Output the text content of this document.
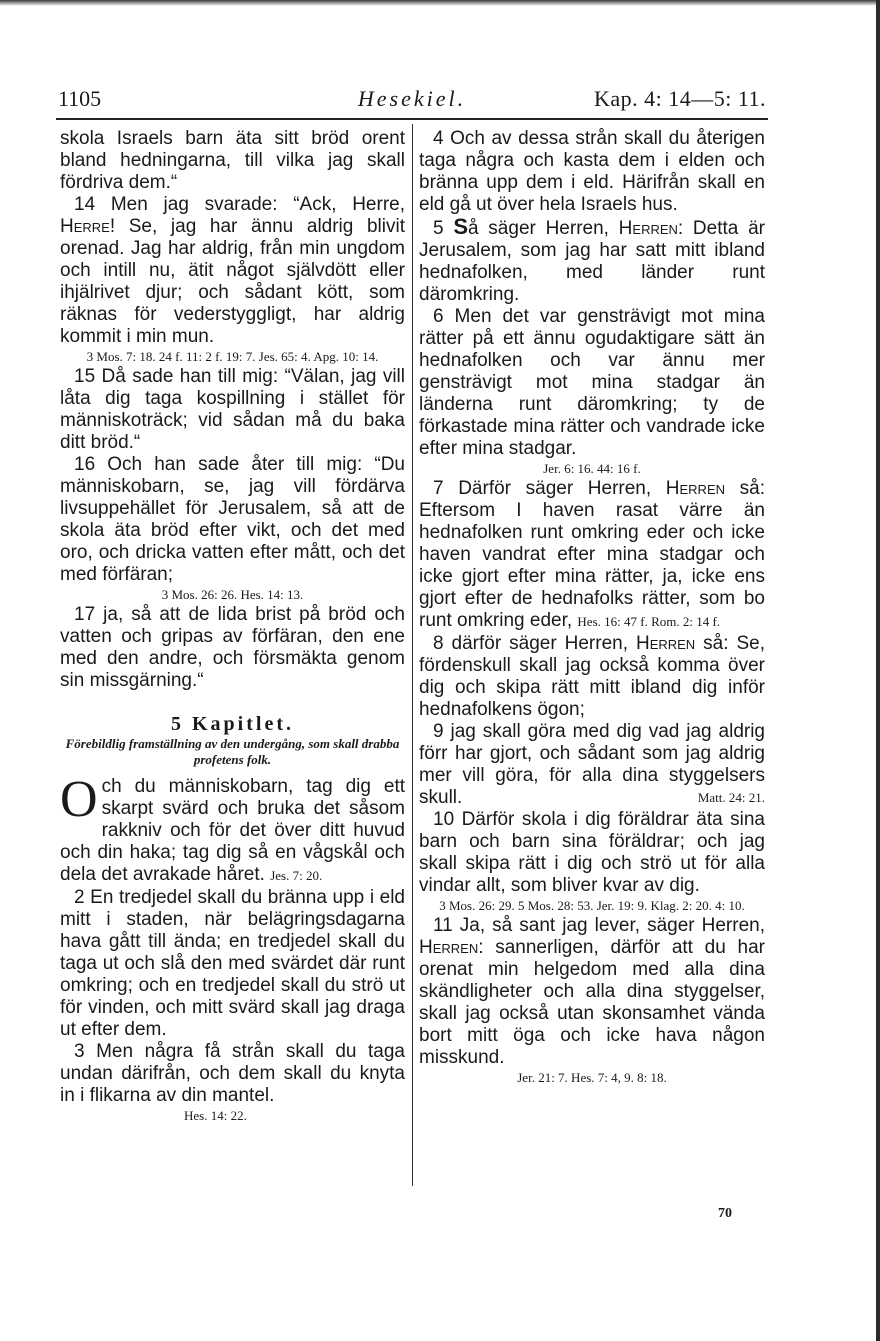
1105	Hesekiel.	Kap. 4: 14—5: 11.

skola Israels barn äta sitt bröd orent bland hedningarna, till vilka jag skall fördriva dem.“

14 Men jag svarade: “Ack, Herre, Herre! Se, jag har ännu aldrig blivit orenad. Jag har aldrig, från min ungdom och intill nu, ätit något självdött eller ihjälrivet djur; och sådant kött, som räknas för vederstyggligt, har aldrig kommit i min mun.

3 Mos. 7: 18. 24 f. 11: 2 f. 19: 7. Jes. 65: 4. Apg. 10: 14.

15 Då sade han till mig: “Välan, jag vill låta dig taga kospillning i stället för människoträck; vid sådan må du baka ditt bröd.“

16 Och han sade åter till mig: “Du människobarn, se, jag vill fördärva livsuppehället för Jerusalem, så att de skola äta bröd efter vikt, och det med oro, och dricka vatten efter mått, och det med förfäran;

3 Mos. 26: 26. Hes. 14: 13.

17 ja, så att de lida brist på bröd och vatten och gripas av förfäran, den ene med den andre, och försmäkta genom sin missgärning.“

5 Kapitlet.
Förebildlig framställning av den undergång, som skall drabba profetens folk.

Och du människobarn, tag dig ett skarpt svärd och bruka det såsom rakkniv och för det över ditt huvud och din haka; tag dig så en vågskål och dela det avrakade håret. Jes. 7: 20.

2 En tredjedel skall du bränna upp i eld mitt i staden, när belägringsdagarna hava gått till ända; en tredjedel skall du taga ut och slå den med svärdet där runt omkring; och en tredjedel skall du strö ut för vinden, och mitt svärd skall jag draga ut efter dem.

3 Men några få strån skall du taga undan därifrån, och dem skall du knyta in i flikarna av din mantel.

Hes. 14: 22.

4 Och av dessa strån skall du återigen taga några och kasta dem i elden och bränna upp dem i eld. Härifrån skall en eld gå ut över hela Israels hus.

5 Så säger Herren, Herren: Detta är Jerusalem, som jag har satt mitt ibland hednafolken, med länder runt däromkring.

6 Men det var gensträvigt mot mina rätter på ett ännu ogudaktigare sätt än hednafolken och var ännu mer gensträvigt mot mina stadgar än länderna runt däromkring; ty de förkastade mina rätter och vandrade icke efter mina stadgar.

Jer. 6: 16. 44: 16 f.

7 Därför säger Herren, Herren så: Eftersom I haven rasat värre än hednafolken runt omkring eder och icke haven vandrat efter mina stadgar och icke gjort efter mina rätter, ja, icke ens gjort efter de hednafolks rätter, som bo runt omkring eder, Hes. 16: 47 f. Rom. 2: 14 f.

8 därför säger Herren, Herren så: Se, fördenskull skall jag också komma över dig och skipa rätt mitt ibland dig inför hednafolkens ögon;

9 jag skall göra med dig vad jag aldrig förr har gjort, och sådant som jag aldrig mer vill göra, för alla dina styggelsers skull.	Matt. 24: 21.

10 Därför skola i dig föräldrar äta sina barn och barn sina föräldrar; och jag skall skipa rätt i dig och strö ut för alla vindar allt, som bliver kvar av dig.

3 Mos. 26: 29. 5 Mos. 28: 53. Jer. 19: 9. Klag. 2: 20. 4: 10.

11 Ja, så sant jag lever, säger Herren, Herren: sannerligen, därför att du har orenat min helgedom med alla dina skändligheter och alla dina styggelser, skall jag också utan skonsamhet vända bort mitt öga och icke hava någon misskund.

Jer. 21: 7. Hes. 7: 4, 9. 8: 18.
70
